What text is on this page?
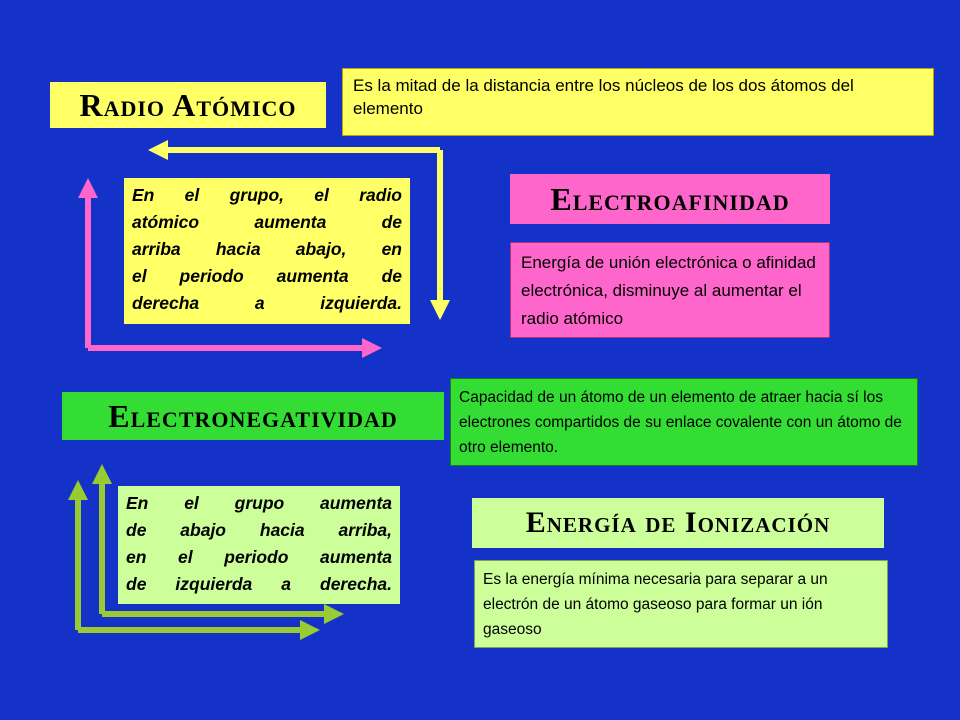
Radio Atómico
Es la mitad de la distancia entre los núcleos de los dos átomos del elemento
En el grupo, el radio
atómico aumenta de
arriba hacia abajo, en
el periodo aumenta de
derecha a izquierda.
Electroafinidad
Energía de unión electrónica o afinidad electrónica, disminuye al aumentar el radio atómico
Electronegatividad	Capacidad de un átomo de un elemento de atraer hacia sí los electrones compartidos de su enlace covalente con un átomo de otro elemento.
En el grupo aumenta
de abajo hacia arriba,
en el periodo aumenta
de izquierda a derecha.
Energía de Ionización
Es la energía mínima necesaria para separar a un electrón de un átomo gaseoso para formar un ión gaseoso
